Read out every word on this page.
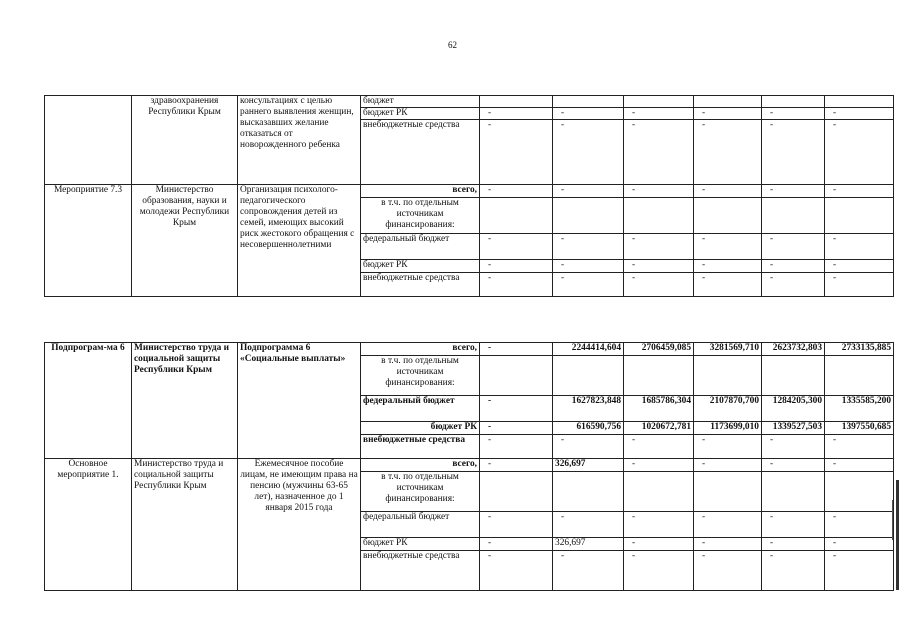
62
	здравоохранения Республики Крым	консультациях с целью раннего выявления женщин, высказавших желание отказаться от новорожденного ребенка	бюджет						
			бюджет РК	-	-	-	-	-	-
			внебюджетные средства	-	-	-	-	-	-
Мероприятие 7.3	Министерство образования, науки и молодежи Республики Крым	Организация психолого-педагогического сопровождения детей из семей, имеющих высокий риск жестокого обращения с несовершеннолетними	всего,	-	-	-	-	-	-
			в т.ч. по отдельным источникам финансирования:						
			федеральный бюджет	-	-	-	-	-	-
			бюджет РК	-	-	-	-	-	-
			внебюджетные средства	-	-	-	-	-	-
Подпрограм-ма 6	Министерство труда и социальной защиты Республики Крым	Подпрограмма 6 «Социальные выплаты»	всего,	-	2244414,604	2706459,085	3281569,710	2623732,803	2733135,885
			в т.ч. по отдельным источникам финансирования:						
			федеральный бюджет	-	1627823,848	1685786,304	2107870,700	1284205,300	1335585,200
			бюджет РК	-	616590,756	1020672,781	1173699,010	1339527,503	1397550,685
			внебюджетные средства	-	-	-	-	-	-
Основное мероприятие 1.	Министерство труда и социальной защиты Республики Крым	Ежемесячное пособие лицам, не имеющим права на пенсию (мужчины 63-65 лет), назначенное до 1 января 2015 года	всего,	-	326,697	-	-	-	-
			в т.ч. по отдельным источникам финансирования:						
			федеральный бюджет	-	-	-	-	-	-
			бюджет РК	-	326,697	-	-	-	-
			внебюджетные средства	-	-	-	-	-	-
